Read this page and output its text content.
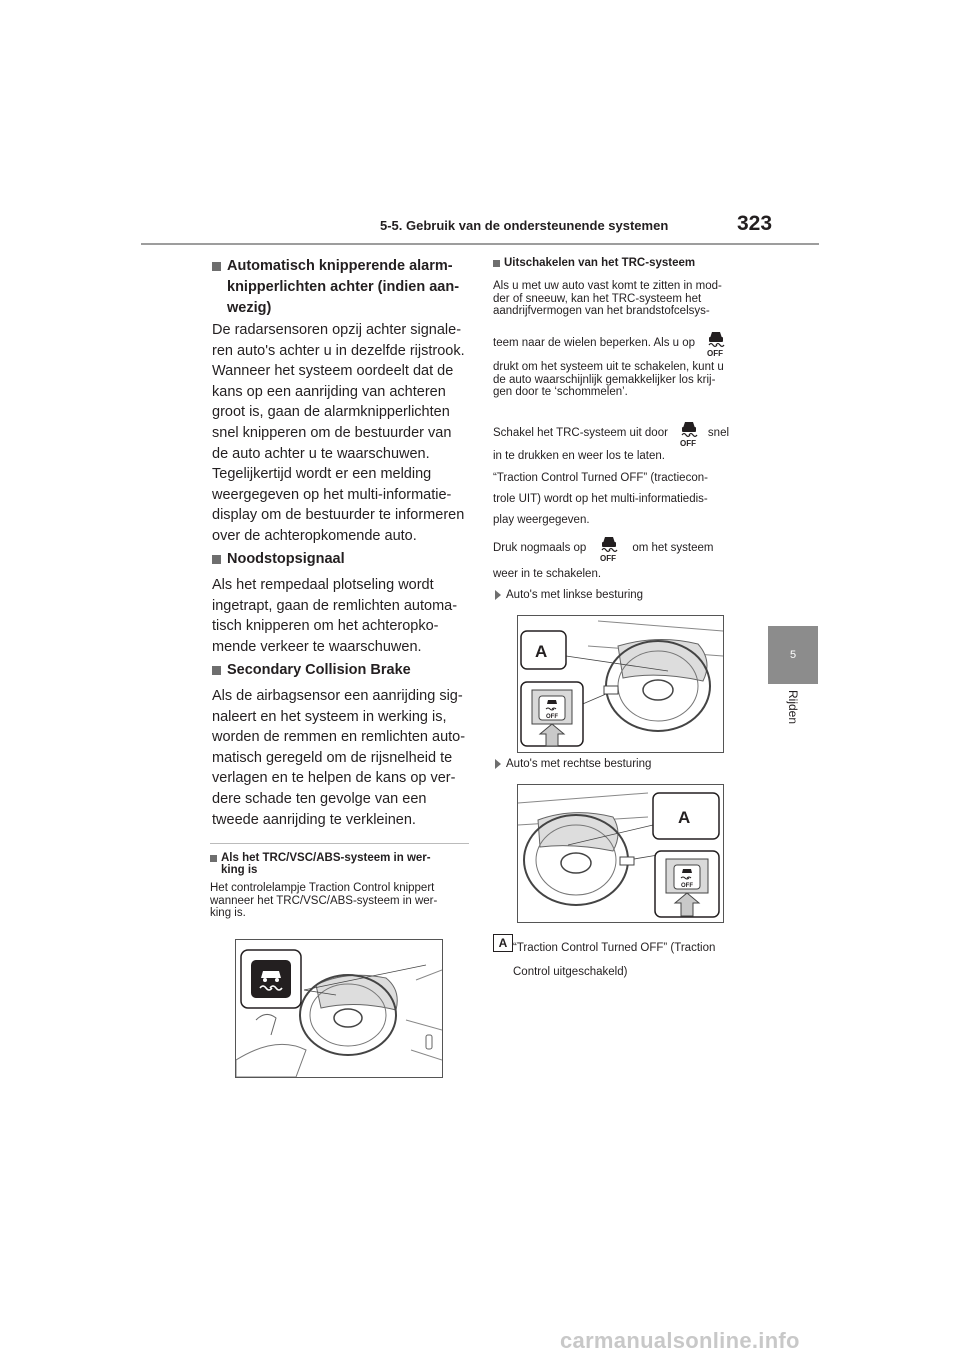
5-5. Gebruik van de ondersteunende systemen	323
5
Rijden
Automatisch knipperende alarm-
knipperlichten achter (indien aan-
wezig)
De radarsensoren opzij achter signale-
ren auto's achter u in dezelfde rijstrook.
Wanneer het systeem oordeelt dat de
kans op een aanrijding van achteren
groot is, gaan de alarmknipperlichten
snel knipperen om de bestuurder van
de auto achter u te waarschuwen.
Tegelijkertijd wordt er een melding
weergegeven op het multi-informatie-
display om de bestuurder te informeren
over de achteropkomende auto.
Noodstopsignaal
Als het rempedaal plotseling wordt
ingetrapt, gaan de remlichten automa-
tisch knipperen om het achteropko-
mende verkeer te waarschuwen.
Secondary Collision Brake
Als de airbagsensor een aanrijding sig-
naleert en het systeem in werking is,
worden de remmen en remlichten auto-
matisch geregeld om de rijsnelheid te
verlagen en te helpen de kans op ver-
dere schade ten gevolge van een
tweede aanrijding te verkleinen.
Als het TRC/VSC/ABS-systeem in wer-
king is
Het controlelampje Traction Control knippert
wanneer het TRC/VSC/ABS-systeem in wer-
king is.
Uitschakelen van het TRC-systeem
Als u met uw auto vast komt te zitten in mod-
der of sneeuw, kan het TRC-systeem het
aandrijfvermogen van het brandstofcelsys-
teem naar de wielen beperken. Als u op
OFF
drukt om het systeem uit te schakelen, kunt u
de auto waarschijnlijk gemakkelijker los krij-
gen door te ‘schommelen’.
Schakel het TRC-systeem uit door
OFF
snel
in te drukken en weer los te laten.
“Traction Control Turned OFF” (tractiecon-
trole UIT) wordt op het multi-informatiedis-
play weergegeven.
Druk nogmaals op
OFF
om het systeem
weer in te schakelen.
Auto's met linkse besturing
A
OFF
Auto's met rechtse besturing
A
OFF
A “Traction Control Turned OFF” (Traction
Control uitgeschakeld)
carmanualsonline.info
